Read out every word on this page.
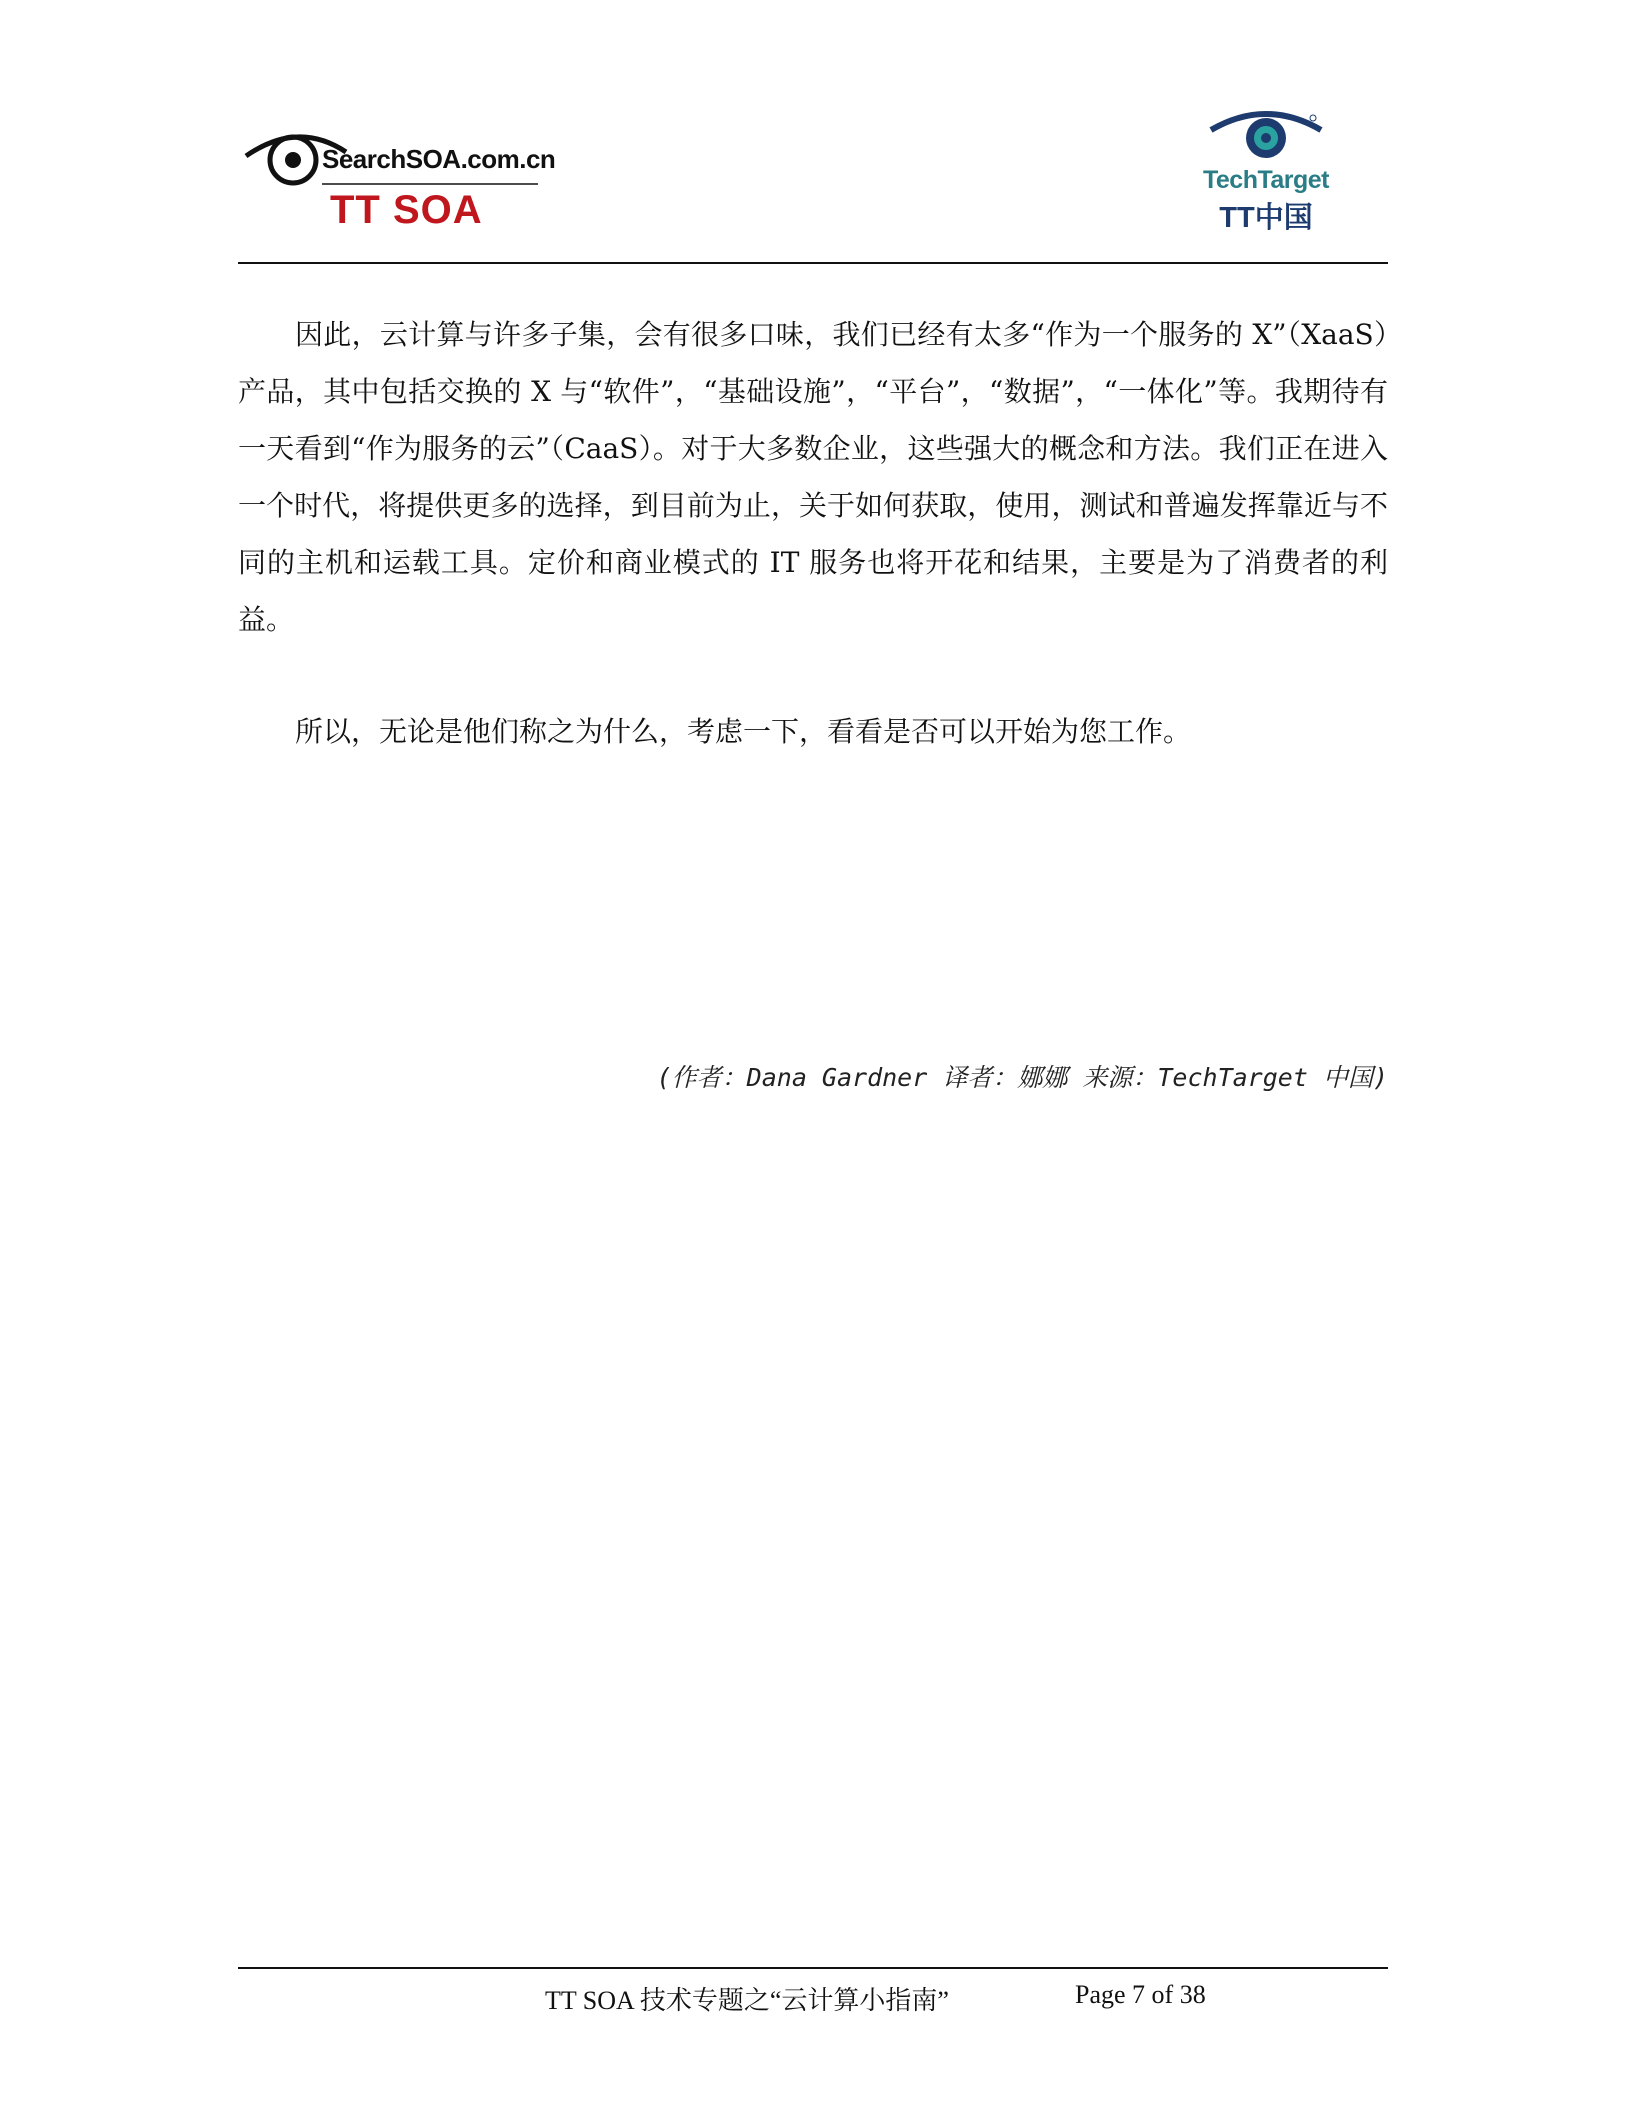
SearchSOA.com.cn
TT SOA
TechTarget
TT中国

因此，云计算与许多子集，会有很多口味，我们已经有太多“作为一个服务的 X”（XaaS）产品，其中包括交换的 X 与“软件”，“基础设施”，“平台”，“数据”，“一体化”等。我期待有一天看到“作为服务的云”（CaaS）。对于大多数企业，这些强大的概念和方法。我们正在进入一个时代，将提供更多的选择，到目前为止，关于如何获取，使用，测试和普遍发挥靠近与不同的主机和运载工具。定价和商业模式的 IT 服务也将开花和结果，主要是为了消费者的利益。

所以，无论是他们称之为什么，考虑一下，看看是否可以开始为您工作。

(作者：Dana Gardner 译者：娜娜 来源：TechTarget 中国)
TT SOA 技术专题之“云计算小指南”	Page 7 of 38
